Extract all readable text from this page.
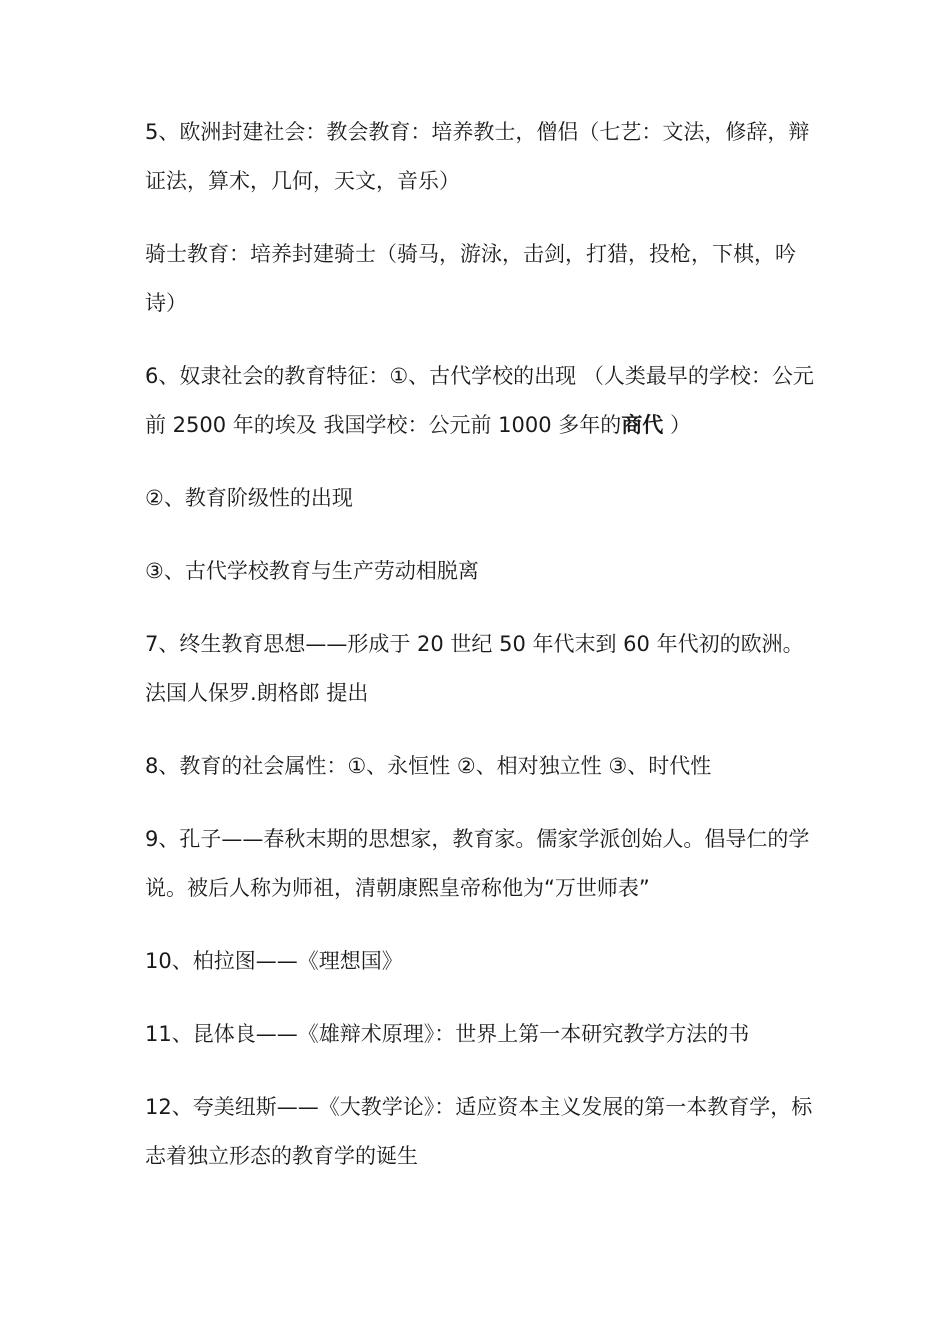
5、欧洲封建社会：教会教育：培养教士，僧侣（七艺：文法，修辞，辩证法，算术，几何，天文，音乐）

骑士教育：培养封建骑士（骑马，游泳，击剑，打猎，投枪，下棋，吟诗）

6、奴隶社会的教育特征：①、古代学校的出现 （人类最早的学校：公元前 2500 年的埃及 我国学校：公元前 1000 多年的商代 ）

②、教育阶级性的出现

③、古代学校教育与生产劳动相脱离

7、终生教育思想——形成于 20 世纪 50 年代末到 60 年代初的欧洲。法国人保罗.朗格郎 提出

8、教育的社会属性：①、永恒性 ②、相对独立性 ③、时代性

9、孔子——春秋末期的思想家，教育家。儒家学派创始人。倡导仁的学说。被后人称为师祖，清朝康熙皇帝称他为“万世师表”

10、柏拉图——《理想国》

11、昆体良——《雄辩术原理》：世界上第一本研究教学方法的书

12、夸美纽斯——《大教学论》：适应资本主义发展的第一本教育学，标志着独立形态的教育学的诞生
